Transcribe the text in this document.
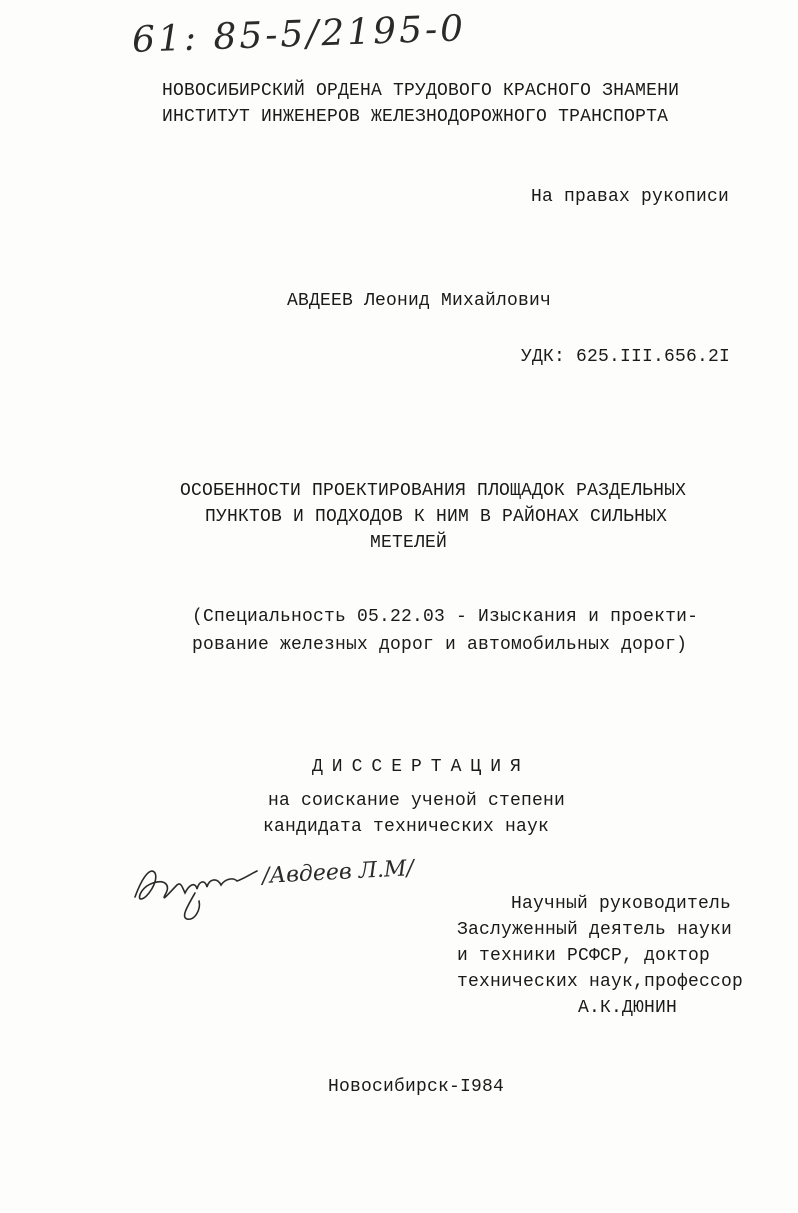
61: 85-5/2195-0
НОВОСИБИРСКИЙ ОРДЕНА ТРУДОВОГО КРАСНОГО ЗНАМЕНИ
ИНСТИТУТ ИНЖЕНЕРОВ ЖЕЛЕЗНОДОРОЖНОГО ТРАНСПОРТА
На правах рукописи
АВДЕЕВ Леонид Михайлович
УДК: 625.III.656.2I
ОСОБЕННОСТИ ПРОЕКТИРОВАНИЯ ПЛОЩАДОК РАЗДЕЛЬНЫХ
ПУНКТОВ И ПОДХОДОВ К НИМ В РАЙОНАХ СИЛЬНЫХ
МЕТЕЛЕЙ
(Специальность 05.22.03 - Изыскания и проекти-
рование железных дорог и автомобильных дорог)
ДИССЕРТАЦИЯ
на соискание ученой степени
кандидата технических наук
/Авдеев Л.М/
Научный руководитель
Заслуженный деятель науки
и техники РСФСР, доктор
технических наук,профессор
А.К.ДЮНИН
Новосибирск-I984
